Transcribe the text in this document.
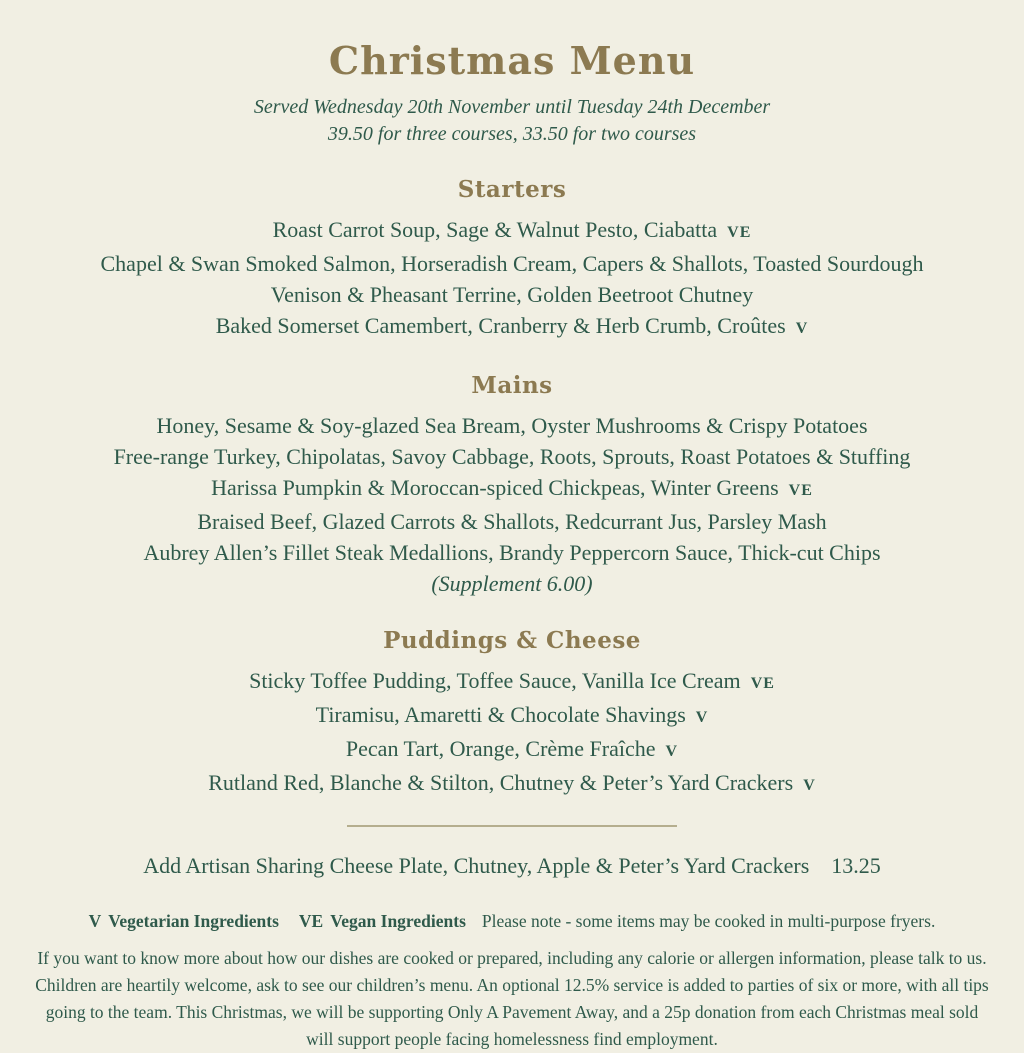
Christmas Menu
Served Wednesday 20th November until Tuesday 24th December
39.50 for three courses, 33.50 for two courses
Starters

Roast Carrot Soup, Sage & Walnut Pesto, Ciabatta VE

Chapel & Swan Smoked Salmon, Horseradish Cream, Capers & Shallots, Toasted Sourdough

Venison & Pheasant Terrine, Golden Beetroot Chutney

Baked Somerset Camembert, Cranberry & Herb Crumb, Croûtes V

Mains

Honey, Sesame & Soy-glazed Sea Bream, Oyster Mushrooms & Crispy Potatoes

Free-range Turkey, Chipolatas, Savoy Cabbage, Roots, Sprouts, Roast Potatoes & Stuffing

Harissa Pumpkin & Moroccan-spiced Chickpeas, Winter Greens VE

Braised Beef, Glazed Carrots & Shallots, Redcurrant Jus, Parsley Mash

Aubrey Allen’s Fillet Steak Medallions, Brandy Peppercorn Sauce, Thick-cut Chips

(Supplement 6.00)

Puddings & Cheese

Sticky Toffee Pudding, Toffee Sauce, Vanilla Ice Cream VE

Tiramisu, Amaretti & Chocolate Shavings V

Pecan Tart, Orange, Crème Fraîche V

Rutland Red, Blanche & Stilton, Chutney & Peter’s Yard Crackers V

Add Artisan Sharing Cheese Plate, Chutney, Apple & Peter’s Yard Crackers 13.25

V Vegetarian Ingredients VE Vegan Ingredients Please note - some items may be cooked in multi-purpose fryers.

If you want to know more about how our dishes are cooked or prepared, including any calorie or allergen information, please talk to us. Children are heartily welcome, ask to see our children’s menu. An optional 12.5% service is added to parties of six or more, with all tips going to the team. This Christmas, we will be supporting Only A Pavement Away, and a 25p donation from each Christmas meal sold will support people facing homelessness find employment.
